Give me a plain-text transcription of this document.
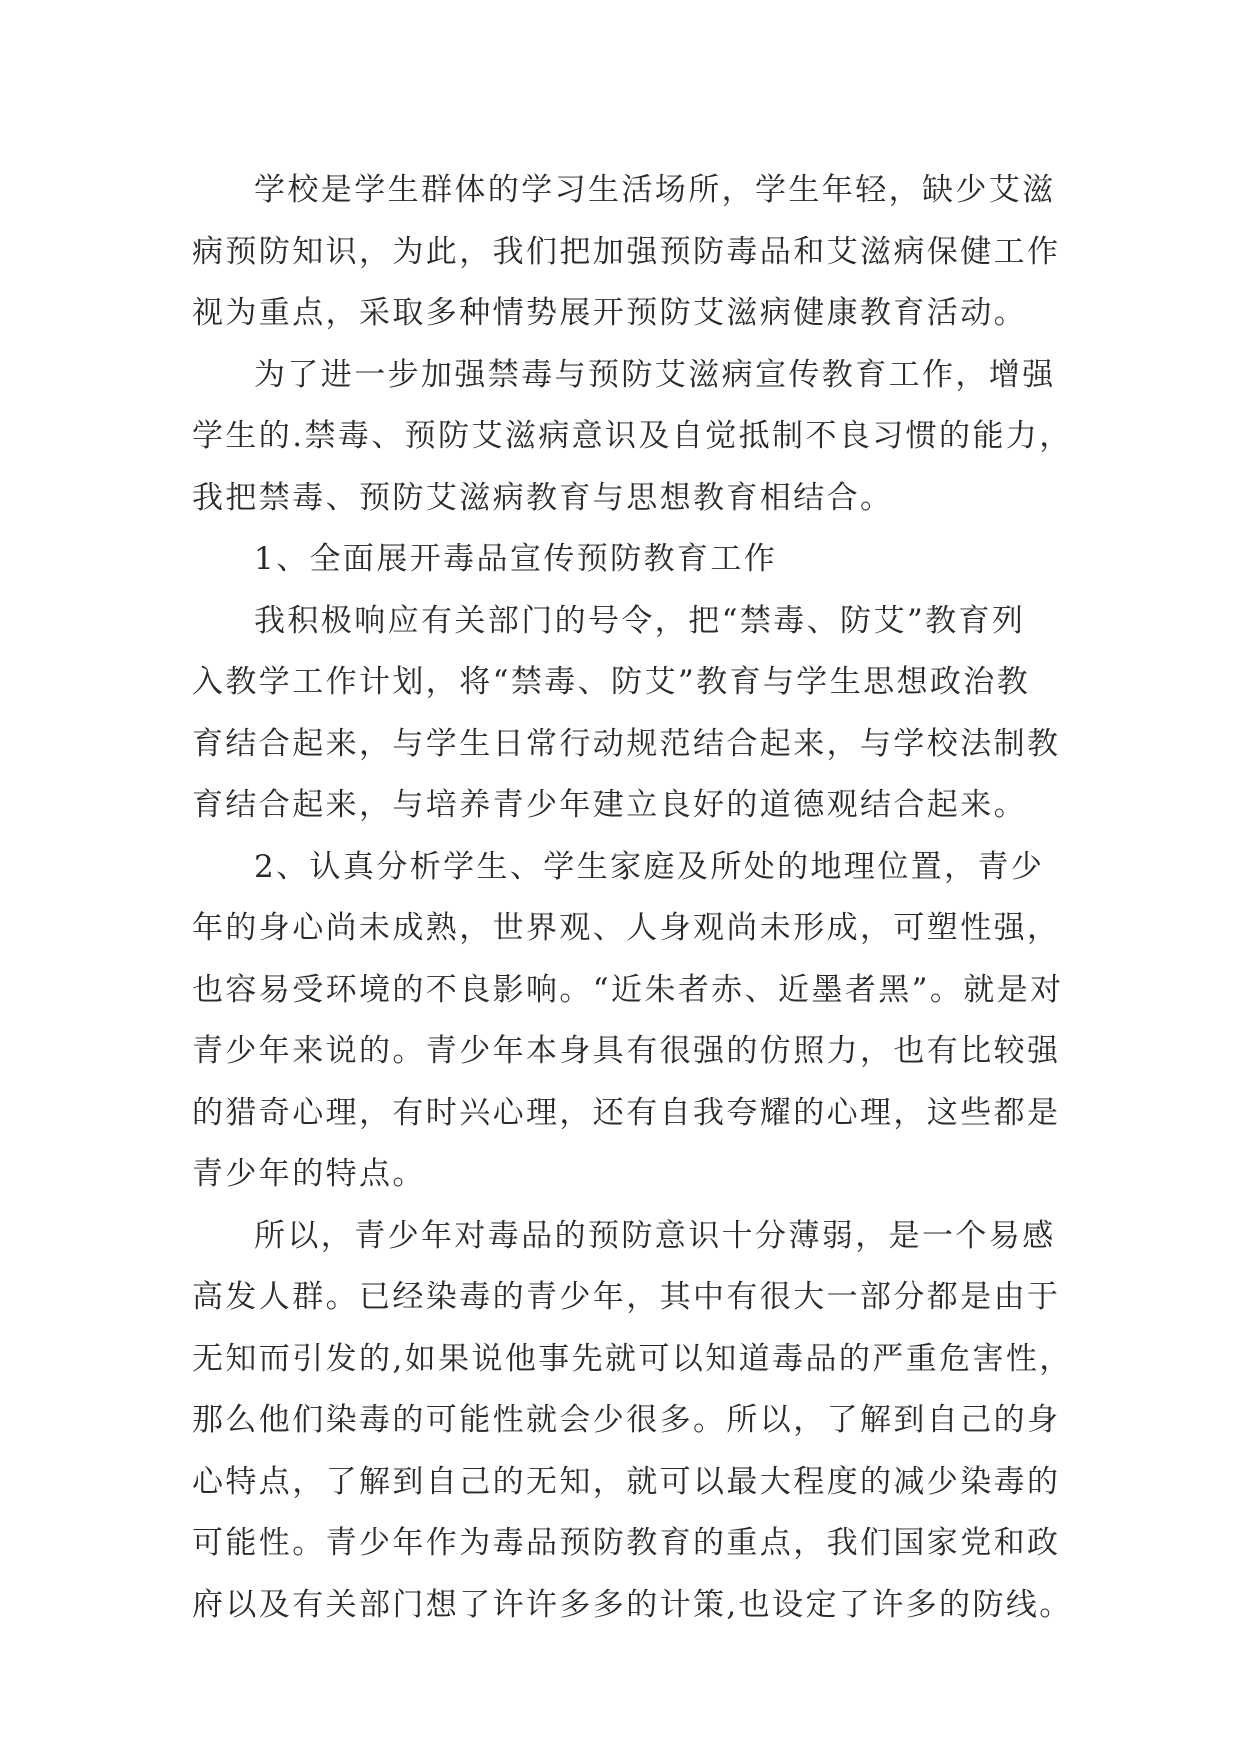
学校是学生群体的学习生活场所，学生年轻，缺少艾滋
病预防知识，为此，我们把加强预防毒品和艾滋病保健工作
视为重点，采取多种情势展开预防艾滋病健康教育活动。

为了进一步加强禁毒与预防艾滋病宣传教育工作，增强
学生的.禁毒、预防艾滋病意识及自觉抵制不良习惯的能力，
我把禁毒、预防艾滋病教育与思想教育相结合。

1、全面展开毒品宣传预防教育工作

我积极响应有关部门的号令，把“禁毒、防艾”教育列
入教学工作计划，将“禁毒、防艾”教育与学生思想政治教
育结合起来，与学生日常行动规范结合起来，与学校法制教
育结合起来，与培养青少年建立良好的道德观结合起来。

2、认真分析学生、学生家庭及所处的地理位置，青少
年的身心尚未成熟，世界观、人身观尚未形成，可塑性强，
也容易受环境的不良影响。“近朱者赤、近墨者黑”。就是对
青少年来说的。青少年本身具有很强的仿照力，也有比较强
的猎奇心理，有时兴心理，还有自我夸耀的心理，这些都是
青少年的特点。

所以，青少年对毒品的预防意识十分薄弱，是一个易感
高发人群。已经染毒的青少年，其中有很大一部分都是由于
无知而引发的,如果说他事先就可以知道毒品的严重危害性，
那么他们染毒的可能性就会少很多。所以，了解到自己的身
心特点，了解到自己的无知，就可以最大程度的减少染毒的
可能性。青少年作为毒品预防教育的重点，我们国家党和政
府以及有关部门想了许许多多的计策,也设定了许多的防线。
